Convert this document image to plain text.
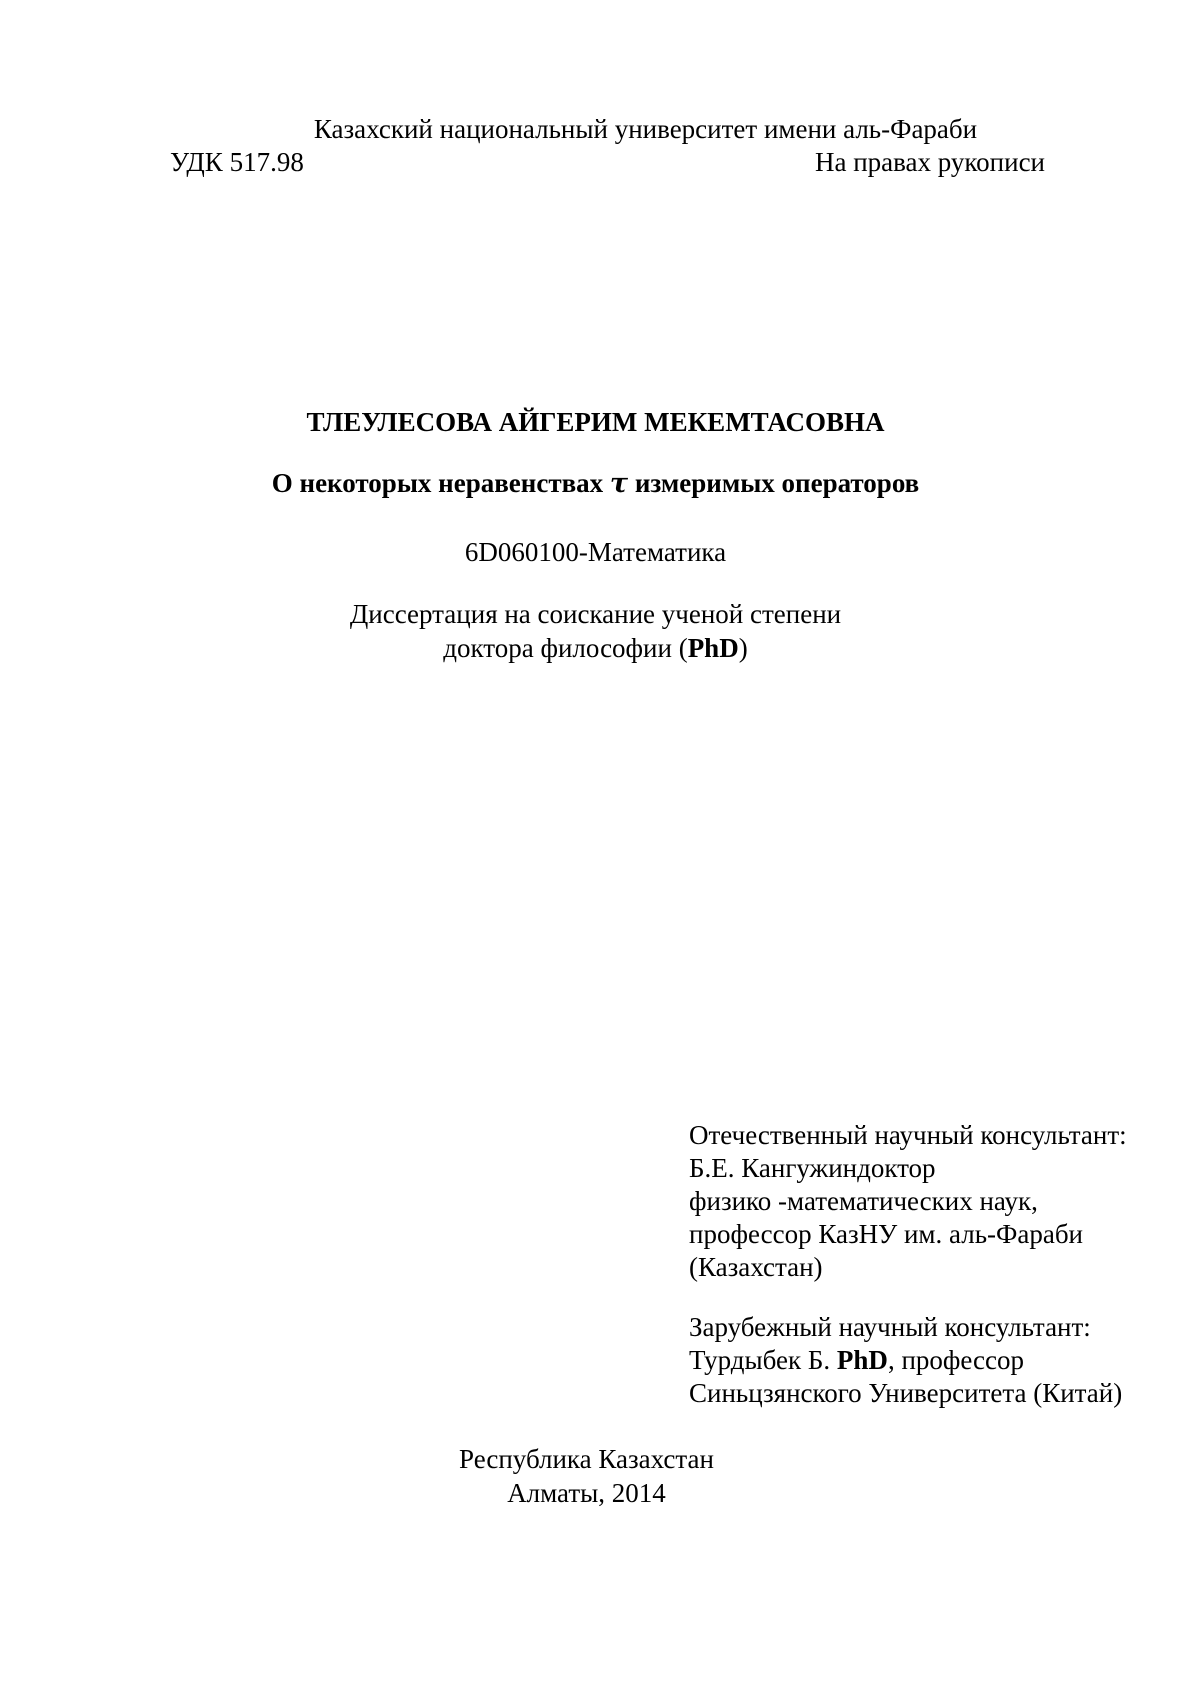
Казахский национальный университет имени аль-Фараби
УДК 517.98	На правах рукописи
ТЛЕУЛЕСОВА АЙГЕРИМ МЕКЕМТАСОВНА
О некоторых неравенствах τ измеримых операторов
6D060100-Математика
Диссертация на соискание ученой степени
доктора философии (PhD)
Отечественный научный консультант:
Б.Е. Кангужиндоктор
физико -математических наук,
профессор КазНУ им. аль-Фараби
(Казахстан)
Зарубежный научный консультант:
Турдыбек Б. PhD, профессор
Синьцзянского Университета (Китай)
Республика Казахстан
Алматы, 2014
